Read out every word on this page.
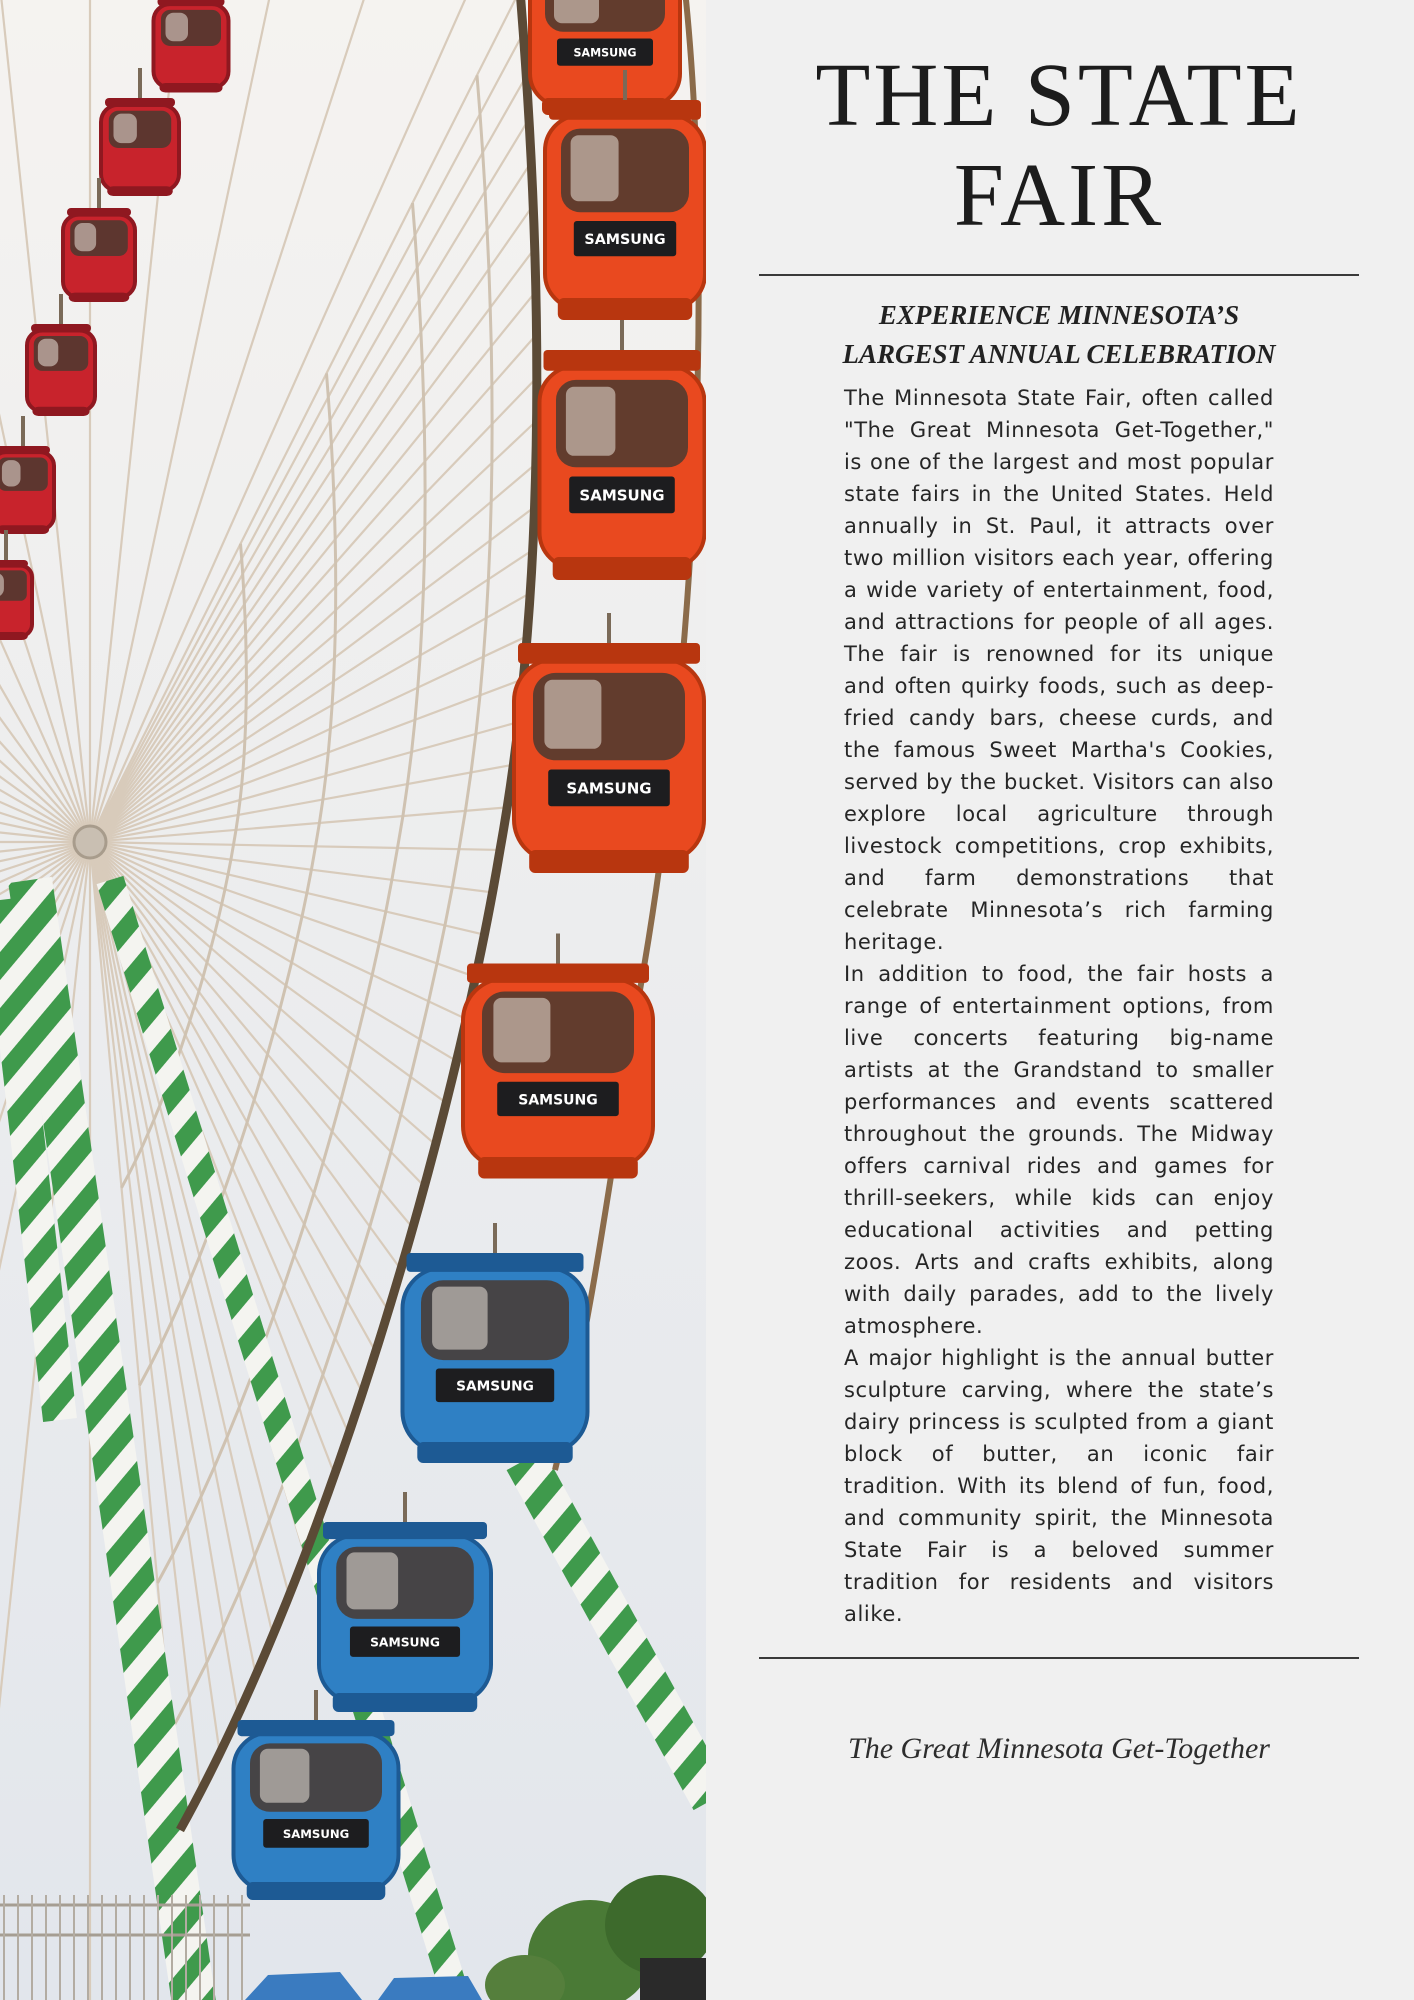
SAMSUNG
SAMSUNG
SAMSUNG
SAMSUNG
SAMSUNG
SAMSUNG
SAMSUNG
SAMSUNG
THE STATE
FAIR
EXPERIENCE MINNESOTA’S
LARGEST ANNUAL CELEBRATION

The Minnesota State Fair, often called "The Great Minnesota Get-Together," is one of the largest and most popular state fairs in the United States. Held annually in St. Paul, it attracts over two million visitors each year, offering a wide variety of entertainment, food, and attractions for people of all ages. The fair is renowned for its unique and often quirky foods, such as deep-fried candy bars, cheese curds, and the famous Sweet Martha's Cookies, served by the bucket. Visitors can also explore local agriculture through livestock competitions, crop exhibits, and farm demonstrations that celebrate Minnesota’s rich farming heritage.

In addition to food, the fair hosts a range of entertainment options, from live concerts featuring big-name artists at the Grandstand to smaller performances and events scattered throughout the grounds. The Midway offers carnival rides and games for thrill-seekers, while kids can enjoy educational activities and petting zoos. Arts and crafts exhibits, along with daily parades, add to the lively atmosphere.

A major highlight is the annual butter sculpture carving, where the state’s dairy princess is sculpted from a giant block of butter, an iconic fair tradition. With its blend of fun, food, and community spirit, the Minnesota State Fair is a beloved summer tradition for residents and visitors alike.

The Great Minnesota Get-Together
